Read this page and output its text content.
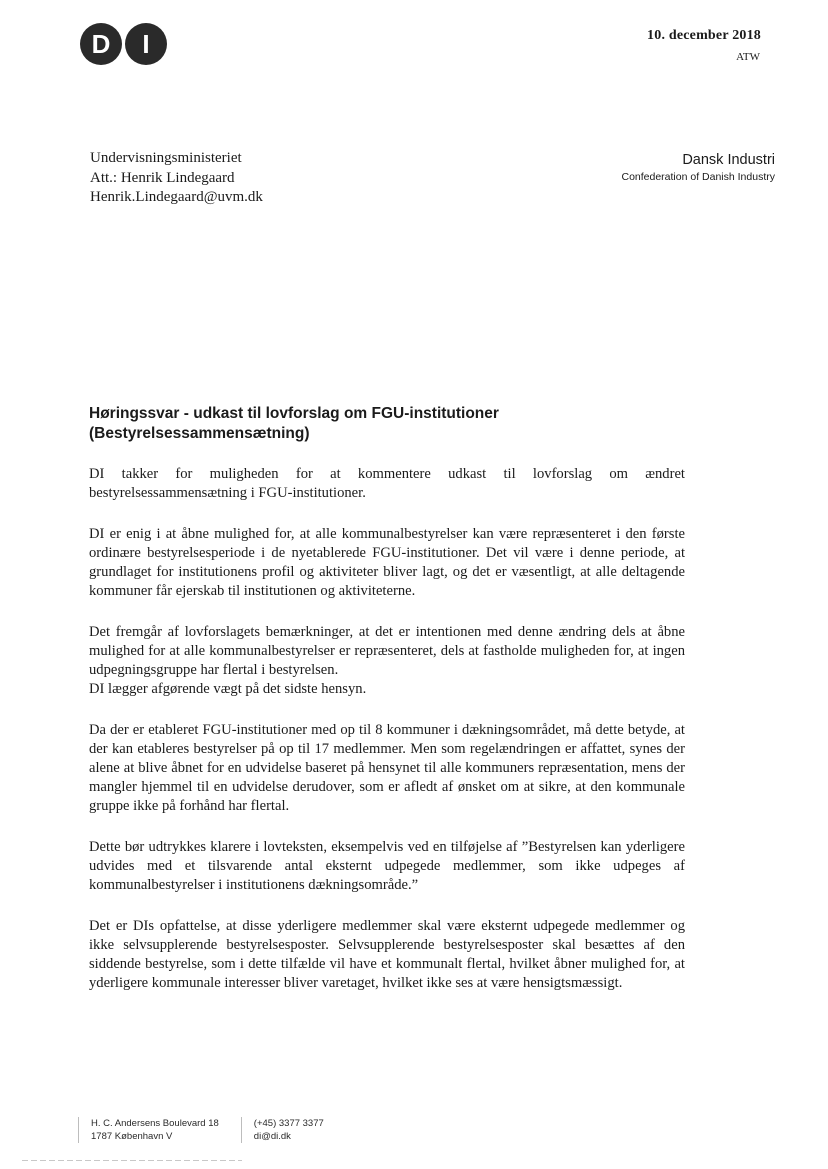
D	I	10. december 2018
ATW
Undervisningsministeriet
Att.: Henrik Lindegaard
Henrik.Lindegaard@uvm.dk
Dansk Industri
Confederation of Danish Industry
Høringssvar - udkast til lovforslag om FGU-institutioner
(Bestyrelsessammensætning)

DI takker for muligheden for at kommentere udkast til lovforslag om ændret bestyrelsessammensætning i FGU-institutioner.

DI er enig i at åbne mulighed for, at alle kommunalbestyrelser kan være repræsenteret i den første ordinære bestyrelsesperiode i de nyetablerede FGU-institutioner. Det vil være i denne periode, at grundlaget for institutionens profil og aktiviteter bliver lagt, og det er væsentligt, at alle deltagende kommuner får ejerskab til institutionen og aktiviteterne.

Det fremgår af lovforslagets bemærkninger, at det er intentionen med denne ændring dels at åbne mulighed for at alle kommunalbestyrelser er repræsenteret, dels at fastholde muligheden for, at ingen udpegningsgruppe har flertal i bestyrelsen.

DI lægger afgørende vægt på det sidste hensyn.

Da der er etableret FGU-institutioner med op til 8 kommuner i dækningsområdet, må dette betyde, at der kan etableres bestyrelser på op til 17 medlemmer. Men som regelændringen er affattet, synes der alene at blive åbnet for en udvidelse baseret på hensynet til alle kommuners repræsentation, mens der mangler hjemmel til en udvidelse derudover, som er afledt af ønsket om at sikre, at den kommunale gruppe ikke på forhånd har flertal.

Dette bør udtrykkes klarere i lovteksten, eksempelvis ved en tilføjelse af ”Bestyrelsen kan yderligere udvides med et tilsvarende antal eksternt udpegede medlemmer, som ikke udpeges af kommunalbestyrelser i institutionens dækningsområde.”

Det er DIs opfattelse, at disse yderligere medlemmer skal være eksternt udpegede medlemmer og ikke selvsupplerende bestyrelsesposter. Selvsupplerende bestyrelsesposter skal besættes af den siddende bestyrelse, som i dette tilfælde vil have et kommunalt flertal, hvilket åbner mulighed for, at yderligere kommunale interesser bliver varetaget, hvilket ikke ses at være hensigtsmæssigt.

H. C. Andersens Boulevard 18
1787 København V
(+45) 3377 3377
di@di.dk
